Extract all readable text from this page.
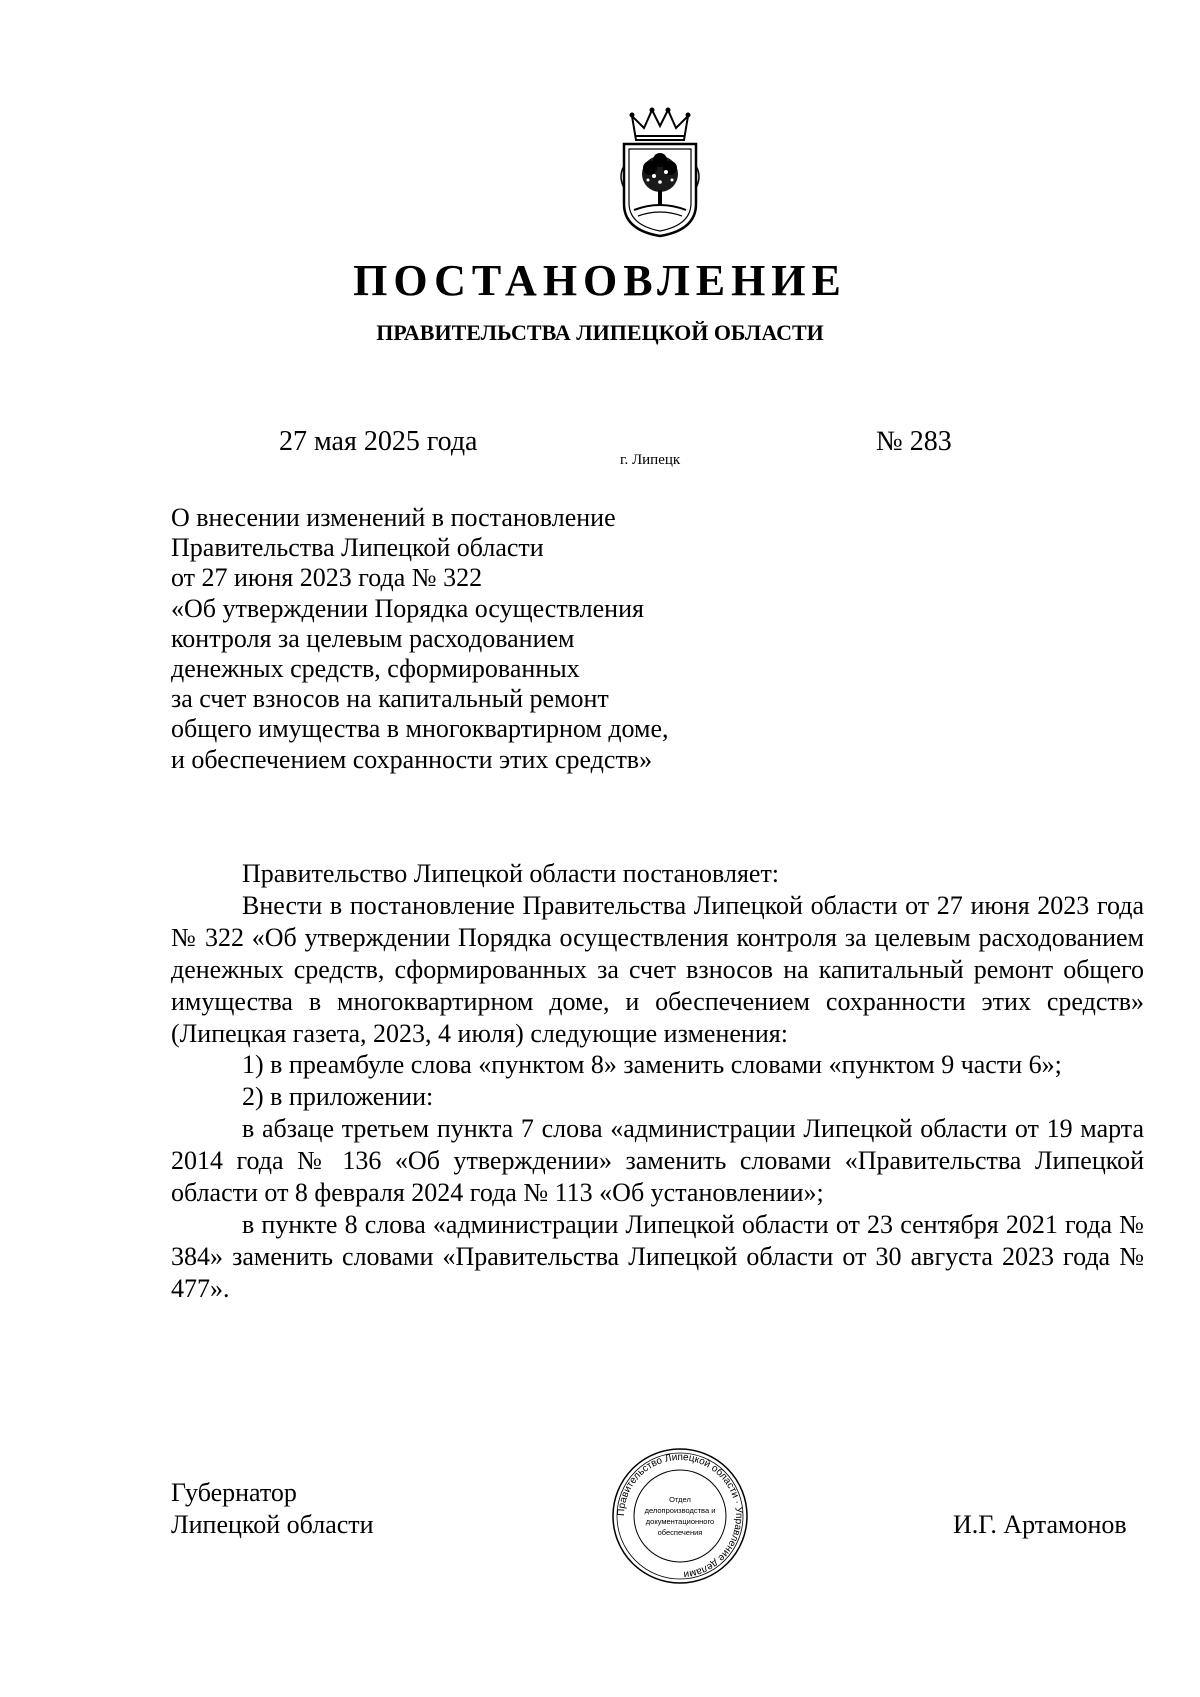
ПОСТАНОВЛЕНИЕ
ПРАВИТЕЛЬСТВА ЛИПЕЦКОЙ ОБЛАСТИ
27 мая 2025 года
г. Липецк
№ 283
О внесении изменений в постановление
Правительства Липецкой области
от 27 июня 2023 года № 322
«Об утверждении Порядка осуществления
контроля за целевым расходованием
денежных средств, сформированных
за счет взносов на капитальный ремонт
общего имущества в многоквартирном доме,
и обеспечением сохранности этих средств»

Правительство Липецкой области постановляет:

Внести в постановление Правительства Липецкой области от 27 июня 2023 года № 322 «Об утверждении Порядка осуществления контроля за целевым расходованием денежных средств, сформированных за счет взносов на капитальный ремонт общего имущества в многоквартирном доме, и обеспечением сохранности этих средств» (Липецкая газета, 2023, 4 июля) следующие изменения:

1) в преамбуле слова «пунктом 8» заменить словами «пунктом 9 части 6»;

2) в приложении:

в абзаце третьем пункта 7 слова «администрации Липецкой области от 19 марта 2014 года № 136 «Об утверждении» заменить словами «Правительства Липецкой области от 8 февраля 2024 года № 113 «Об установлении»;

в пункте 8 слова «администрации Липецкой области от 23 сентября 2021 года № 384» заменить словами «Правительства Липецкой области от 30 августа 2023 года № 477».

Губернатор
Липецкой области	Правительство Липецкой области · Управление делами
Отдел
делопроизводства и
документационного
обеспечения	И.Г. Артамонов
